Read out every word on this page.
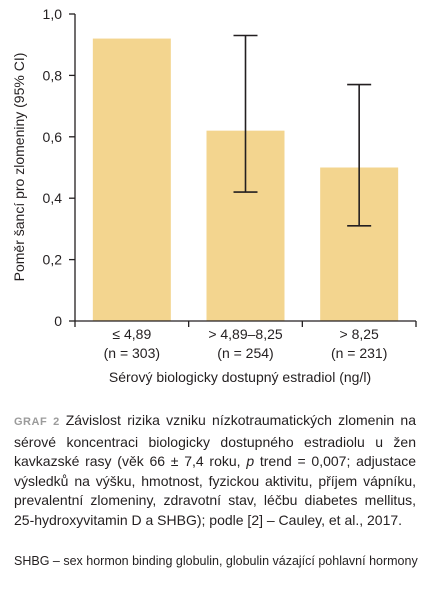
0
0,2
0,4
0,6
0,8
1,0
≤ 4,89
(n = 303)
> 4,89–8,25
(n = 254)
> 8,25
(n = 231)
Poměr šancí pro zlomeniny (95% CI)
Sérový biologicky dostupný estradiol (ng/l)
GRAF 2 Závislost rizika vzniku nízkotraumatických zlomenin na sérové koncentraci biologicky dostupného estradiolu u žen kavkazské rasy (věk 66 ± 7,4 roku, p trend = 0,007; adjustace výsledků na výšku, hmotnost, fyzickou aktivitu, příjem vápníku, prevalentní zlomeniny, zdravotní stav, léčbu diabetes mellitus, 25-hydroxyvitamin D a SHBG); podle [2] – Cauley, et al., 2017.
SHBG – sex hormon binding globulin, globulin vázající pohlavní hormony
